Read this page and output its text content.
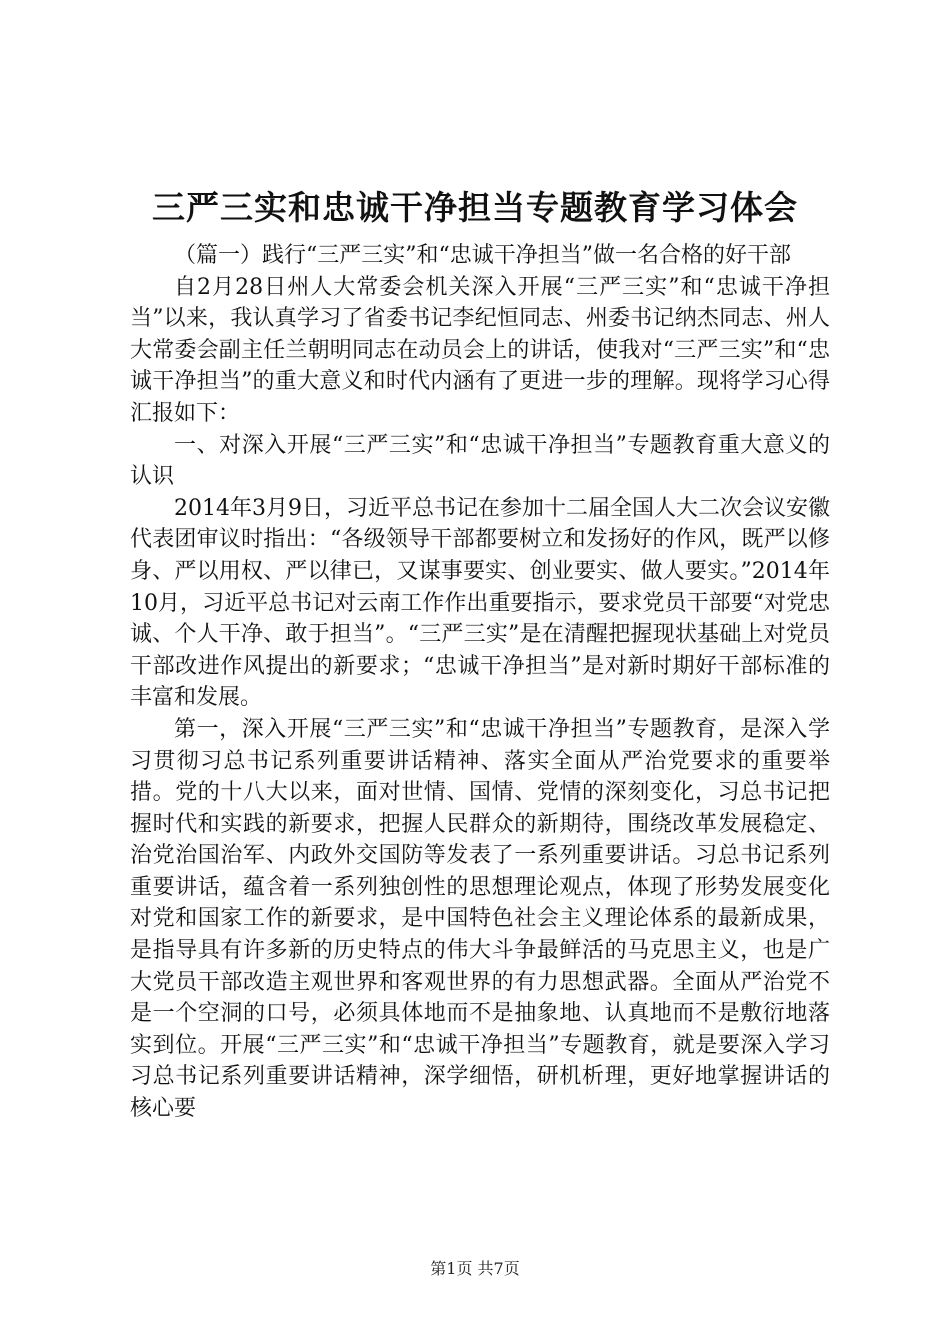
三严三实和忠诚干净担当专题教育学习体会

（篇一）践行“三严三实”和“忠诚干净担当”做一名合格的好干部

自2月28日州人大常委会机关深入开展“三严三实”和“忠诚干净担当”以来，我认真学习了省委书记李纪恒同志、州委书记纳杰同志、州人大常委会副主任兰朝明同志在动员会上的讲话，使我对“三严三实”和“忠诚干净担当”的重大意义和时代内涵有了更进一步的理解。现将学习心得汇报如下：

一、对深入开展“三严三实”和“忠诚干净担当”专题教育重大意义的认识

2014年3月9日，习近平总书记在参加十二届全国人大二次会议安徽代表团审议时指出：“各级领导干部都要树立和发扬好的作风，既严以修身、严以用权、严以律已，又谋事要实、创业要实、做人要实。”2014年10月，习近平总书记对云南工作作出重要指示，要求党员干部要“对党忠诚、个人干净、敢于担当”。“三严三实”是在清醒把握现状基础上对党员干部改进作风提出的新要求；“忠诚干净担当”是对新时期好干部标准的丰富和发展。

第一，深入开展“三严三实”和“忠诚干净担当”专题教育，是深入学习贯彻习总书记系列重要讲话精神、落实全面从严治党要求的重要举措。党的十八大以来，面对世情、国情、党情的深刻变化，习总书记把握时代和实践的新要求，把握人民群众的新期待，围绕改革发展稳定、治党治国治军、内政外交国防等发表了一系列重要讲话。习总书记系列重要讲话，蕴含着一系列独创性的思想理论观点，体现了形势发展变化对党和国家工作的新要求，是中国特色社会主义理论体系的最新成果，是指导具有许多新的历史特点的伟大斗争最鲜活的马克思主义，也是广大党员干部改造主观世界和客观世界的有力思想武器。全面从严治党不是一个空洞的口号，必须具体地而不是抽象地、认真地而不是敷衍地落实到位。开展“三严三实”和“忠诚干净担当”专题教育，就是要深入学习习总书记系列重要讲话精神，深学细悟，研机析理，更好地掌握讲话的核心要

第1页 共7页
